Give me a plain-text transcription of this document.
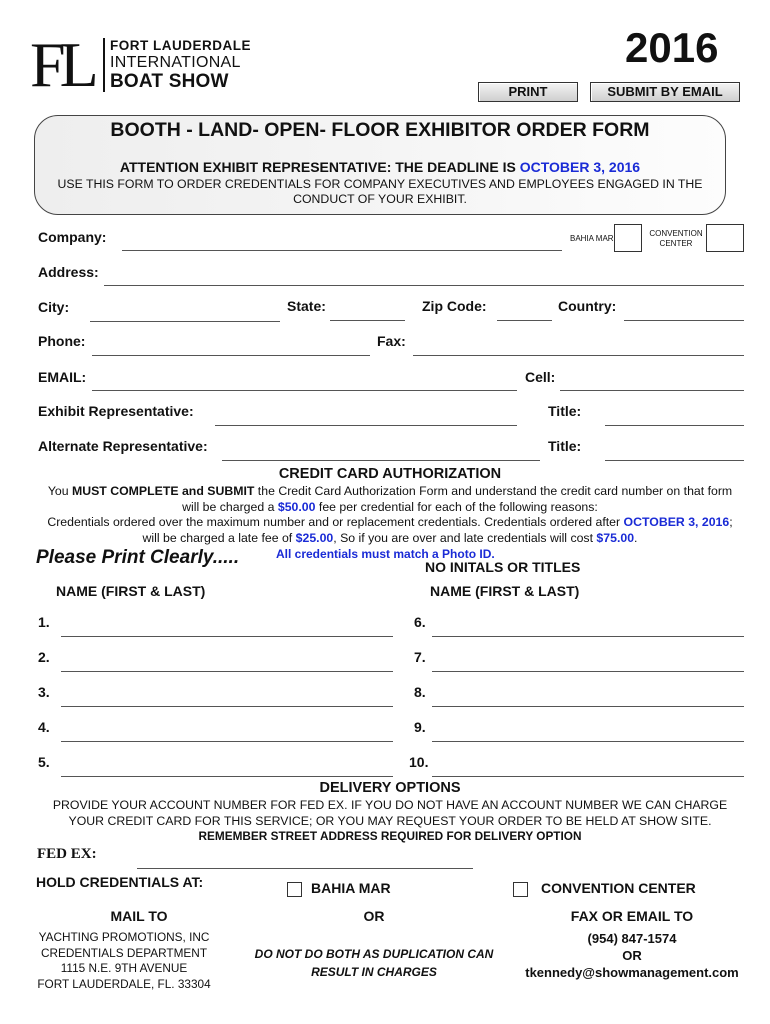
FL FORT LAUDERDALE
INTERNATIONAL
BOAT SHOW
2016
PRINT	SUBMIT BY EMAIL
BOOTH - LAND- OPEN- FLOOR EXHIBITOR ORDER FORM
ATTENTION EXHIBIT REPRESENTATIVE: THE DEADLINE IS OCTOBER 3, 2016
USE THIS FORM TO ORDER CREDENTIALS FOR COMPANY EXECUTIVES AND EMPLOYEES ENGAGED IN THE
CONDUCT OF YOUR EXHIBIT.
Company:	BAHIA MAR
CONVENTION
CENTER
Address:
City:	State:	Zip Code:	Country:
Phone:	Fax:
EMAIL:	Cell:
Exhibit Representative:	Title:
Alternate Representative:	Title:
CREDIT CARD AUTHORIZATION
You MUST COMPLETE and SUBMIT the Credit Card Authorization Form and understand the credit card number on that form
will be charged a $50.00 fee per credential for each of the following reasons:
Credentials ordered over the maximum number and or replacement credentials. Credentials ordered after OCTOBER 3, 2016;
will be charged a late fee of $25.00, So if you are over and late credentials will cost $75.00.
Please Print Clearly.....	All credentials must match a Photo ID.
NO INITALS OR TITLES
NAME (FIRST & LAST)	NAME (FIRST & LAST)
1.
2.
3.
4.
5.
6.
7.
8.
9.
10.
DELIVERY OPTIONS
PROVIDE YOUR ACCOUNT NUMBER FOR FED EX. IF YOU DO NOT HAVE AN ACCOUNT NUMBER WE CAN CHARGE
YOUR CREDIT CARD FOR THIS SERVICE; OR YOU MAY REQUEST YOUR ORDER TO BE HELD AT SHOW SITE.
REMEMBER STREET ADDRESS REQUIRED FOR DELIVERY OPTION
FED EX:
HOLD CREDENTIALS AT:	BAHIA MAR	CONVENTION CENTER
MAIL TO	OR	FAX OR EMAIL TO
YACHTING PROMOTIONS, INC
CREDENTIALS DEPARTMENT
1115 N.E. 9TH AVENUE
FORT LAUDERDALE, FL. 33304
DO NOT DO BOTH AS DUPLICATION CAN
RESULT IN CHARGES
(954) 847-1574
OR
tkennedy@showmanagement.com
